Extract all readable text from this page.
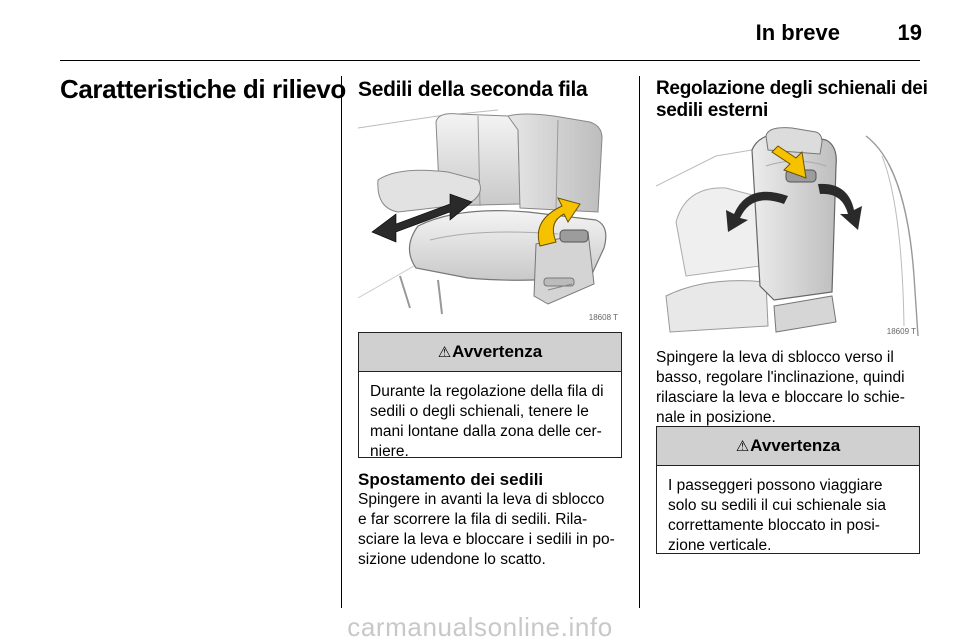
In breve	19
Caratteristiche di rilievo Sedili della seconda fila
18608 T
⚠Avvertenza
Durante la regolazione della fila di
sedili o degli schienali, tenere le
mani lontane dalla zona delle cer-
niere.
Spostamento dei sedili
Spingere in avanti la leva di sblocco
e far scorrere la fila di sedili. Rila-
sciare la leva e bloccare i sedili in po-
sizione udendone lo scatto.
Regolazione degli schienali dei
sedili esterni
18609 T
Spingere la leva di sblocco verso il
basso, regolare l'inclinazione, quindi
rilasciare la leva e bloccare lo schie-
nale in posizione.
⚠Avvertenza
I passeggeri possono viaggiare
solo su sedili il cui schienale sia
correttamente bloccato in posi-
zione verticale.
carmanualsonline.info
